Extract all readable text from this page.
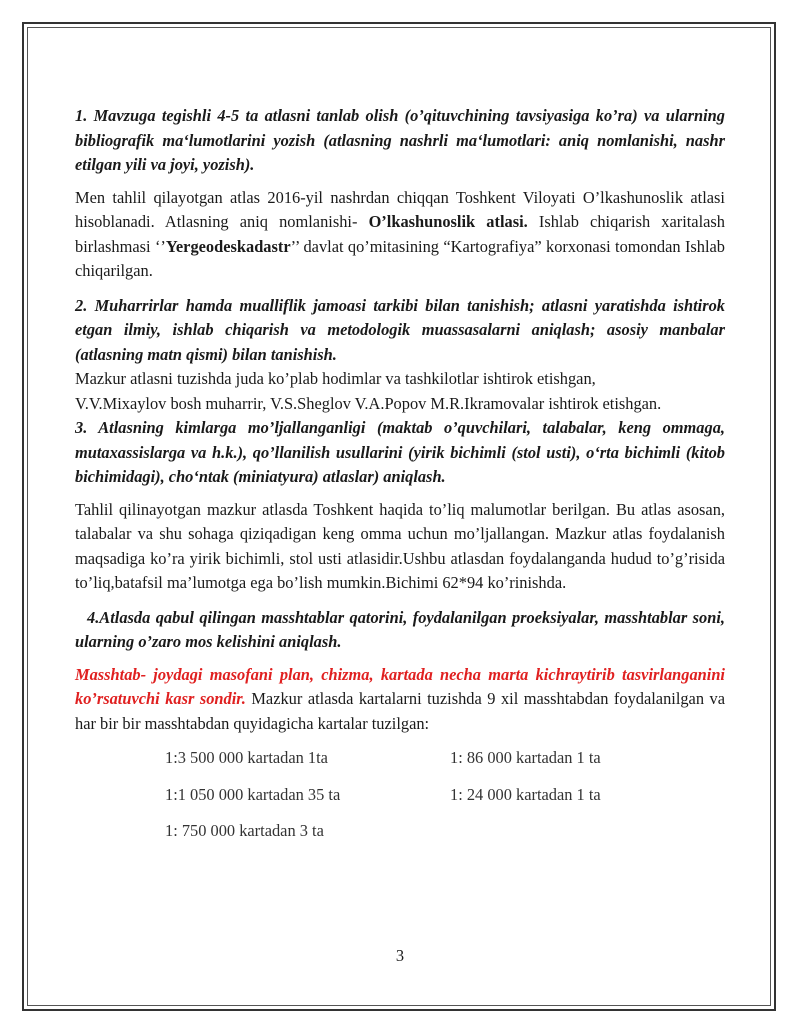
1. Mavzuga tegishli 4-5 ta atlasni tanlab olish (o’qituvchining tavsiyasiga ko’ra) va ularning bibliografik ma‘lumotlarini yozish (atlasning nashrli ma‘lumotlari: aniq nomlanishi, nashr etilgan yili va joyi, yozish).

Men tahlil qilayotgan atlas 2016-yil nashrdan chiqqan Toshkent Viloyati O’lkashunoslik atlasi hisoblanadi. Atlasning aniq nomlanishi- O’lkashunoslik atlasi. Ishlab chiqarish xaritalash birlashmasi ‘’Yergeodeskadastr’’ davlat qo’mitasining “Kartografiya” korxonasi tomondan Ishlab chiqarilgan.

2. Muharrirlar hamda mualliflik jamoasi tarkibi bilan tanishish; atlasni yaratishda ishtirok etgan ilmiy, ishlab chiqarish va metodologik muassasalarni aniqlash; asosiy manbalar (atlasning matn qismi) bilan tanishish.

Mazkur atlasni tuzishda juda ko’plab hodimlar va tashkilotlar ishtirok etishgan,

V.V.Mixaylov bosh muharrir, V.S.Sheglov V.A.Popov M.R.Ikramovalar ishtirok etishgan.

3. Atlasning kimlarga mo’ljallanganligi (maktab o’quvchilari, talabalar, keng ommaga, mutaxassislarga va h.k.), qo’llanilish usullarini (yirik bichimli (stol usti), o‘rta bichimli (kitob bichimidagi), cho‘ntak (miniatyura) atlaslar) aniqlash.

Tahlil qilinayotgan mazkur atlasda Toshkent haqida to’liq malumotlar berilgan. Bu atlas asosan, talabalar va shu sohaga qiziqadigan keng omma uchun mo’ljallangan. Mazkur atlas foydalanish maqsadiga ko’ra yirik bichimli, stol usti atlasidir.Ushbu atlasdan foydalanganda hudud to’g’risida to’liq,batafsil ma’lumotga ega bo’lish mumkin.Bichimi 62*94 ko’rinishda.

4.Atlasda qabul qilingan masshtablar qatorini, foydalanilgan proeksiyalar, masshtablar soni, ularning o’zaro mos kelishini aniqlash.

Masshtab- joydagi masofani plan, chizma, kartada necha marta kichraytirib tasvirlanganini ko’rsatuvchi kasr sondir. Mazkur atlasda kartalarni tuzishda 9 xil masshtabdan foydalanilgan va har bir bir masshtabdan quyidagicha kartalar tuzilgan:

1:3 500 000 kartadan 1ta	1: 86 000 kartadan 1 ta
1:1 050 000 kartadan 35 ta	1: 24 000 kartadan 1 ta
1: 750 000 kartadan 3 ta
3
